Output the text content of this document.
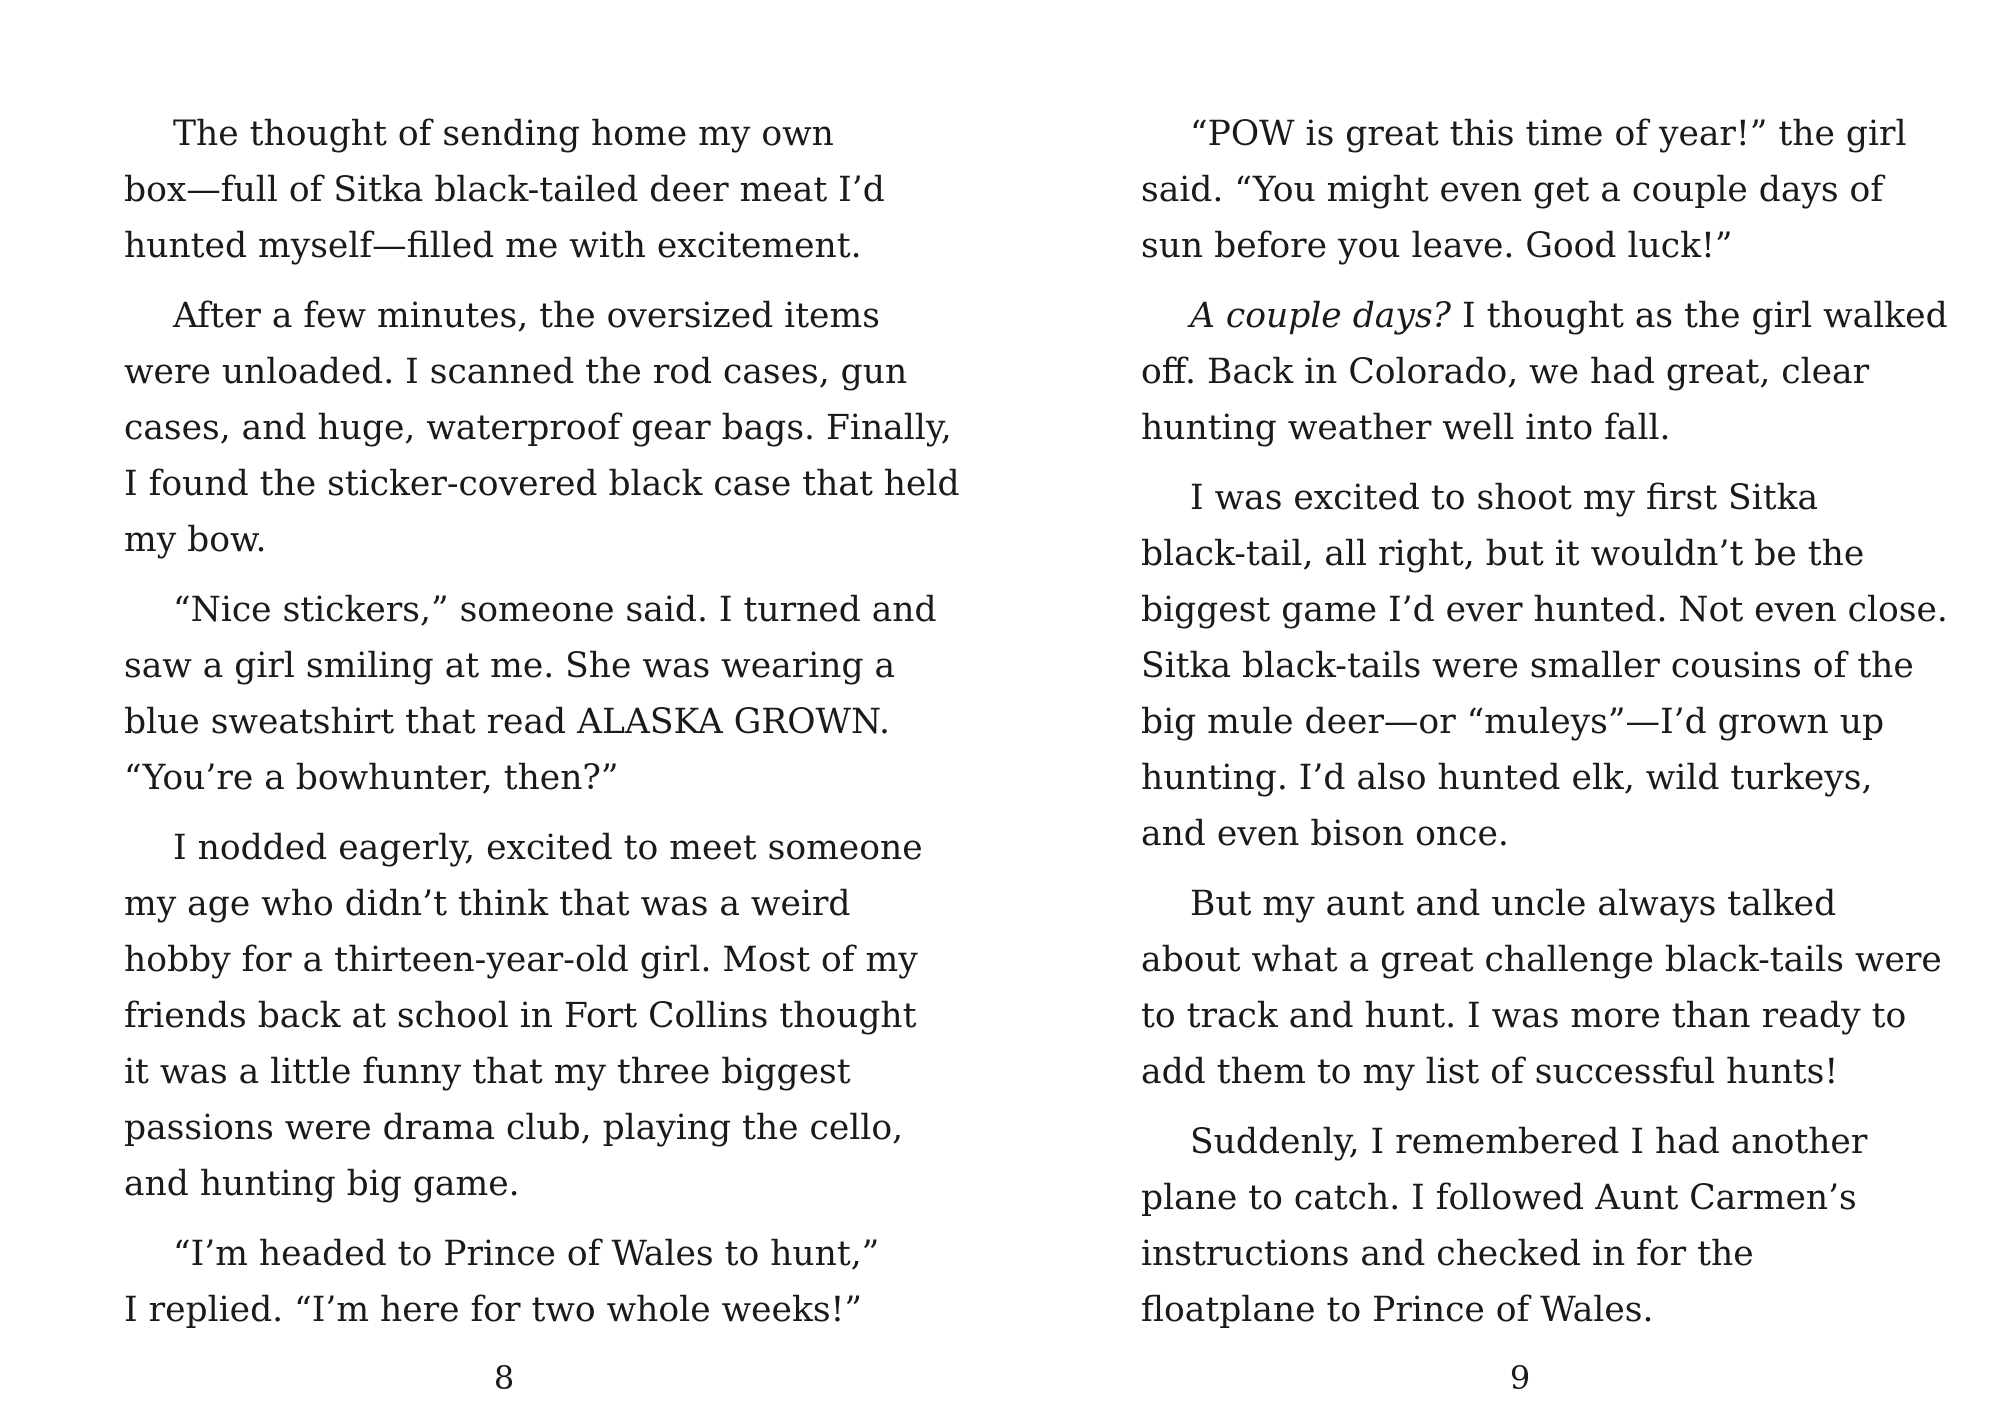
The thought of sending home my own
box—full of Sitka black-tailed deer meat I’d
hunted myself—filled me with excitement.
After a few minutes, the oversized items
were unloaded. I scanned the rod cases, gun
cases, and huge, waterproof gear bags. Finally,
I found the sticker-covered black case that held
my bow.
“Nice stickers,” someone said. I turned and
saw a girl smiling at me. She was wearing a
blue sweatshirt that read ALASKA GROWN.
“You’re a bowhunter, then?”
I nodded eagerly, excited to meet someone
my age who didn’t think that was a weird
hobby for a thirteen-year-old girl. Most of my
friends back at school in Fort Collins thought
it was a little funny that my three biggest
passions were drama club, playing the cello,
and hunting big game.
“I’m headed to Prince of Wales to hunt,”
I replied. “I’m here for two whole weeks!”
8
“POW is great this time of year!” the girl
said. “You might even get a couple days of
sun before you leave. Good luck!”
A couple days? I thought as the girl walked
off. Back in Colorado, we had great, clear
hunting weather well into fall.
I was excited to shoot my first Sitka
black-tail, all right, but it wouldn’t be the
biggest game I’d ever hunted. Not even close.
Sitka black-tails were smaller cousins of the
big mule deer—or “muleys”—I’d grown up
hunting. I’d also hunted elk, wild turkeys,
and even bison once.
But my aunt and uncle always talked
about what a great challenge black-tails were
to track and hunt. I was more than ready to
add them to my list of successful hunts!
Suddenly, I remembered I had another
plane to catch. I followed Aunt Carmen’s
instructions and checked in for the
floatplane to Prince of Wales.
9
